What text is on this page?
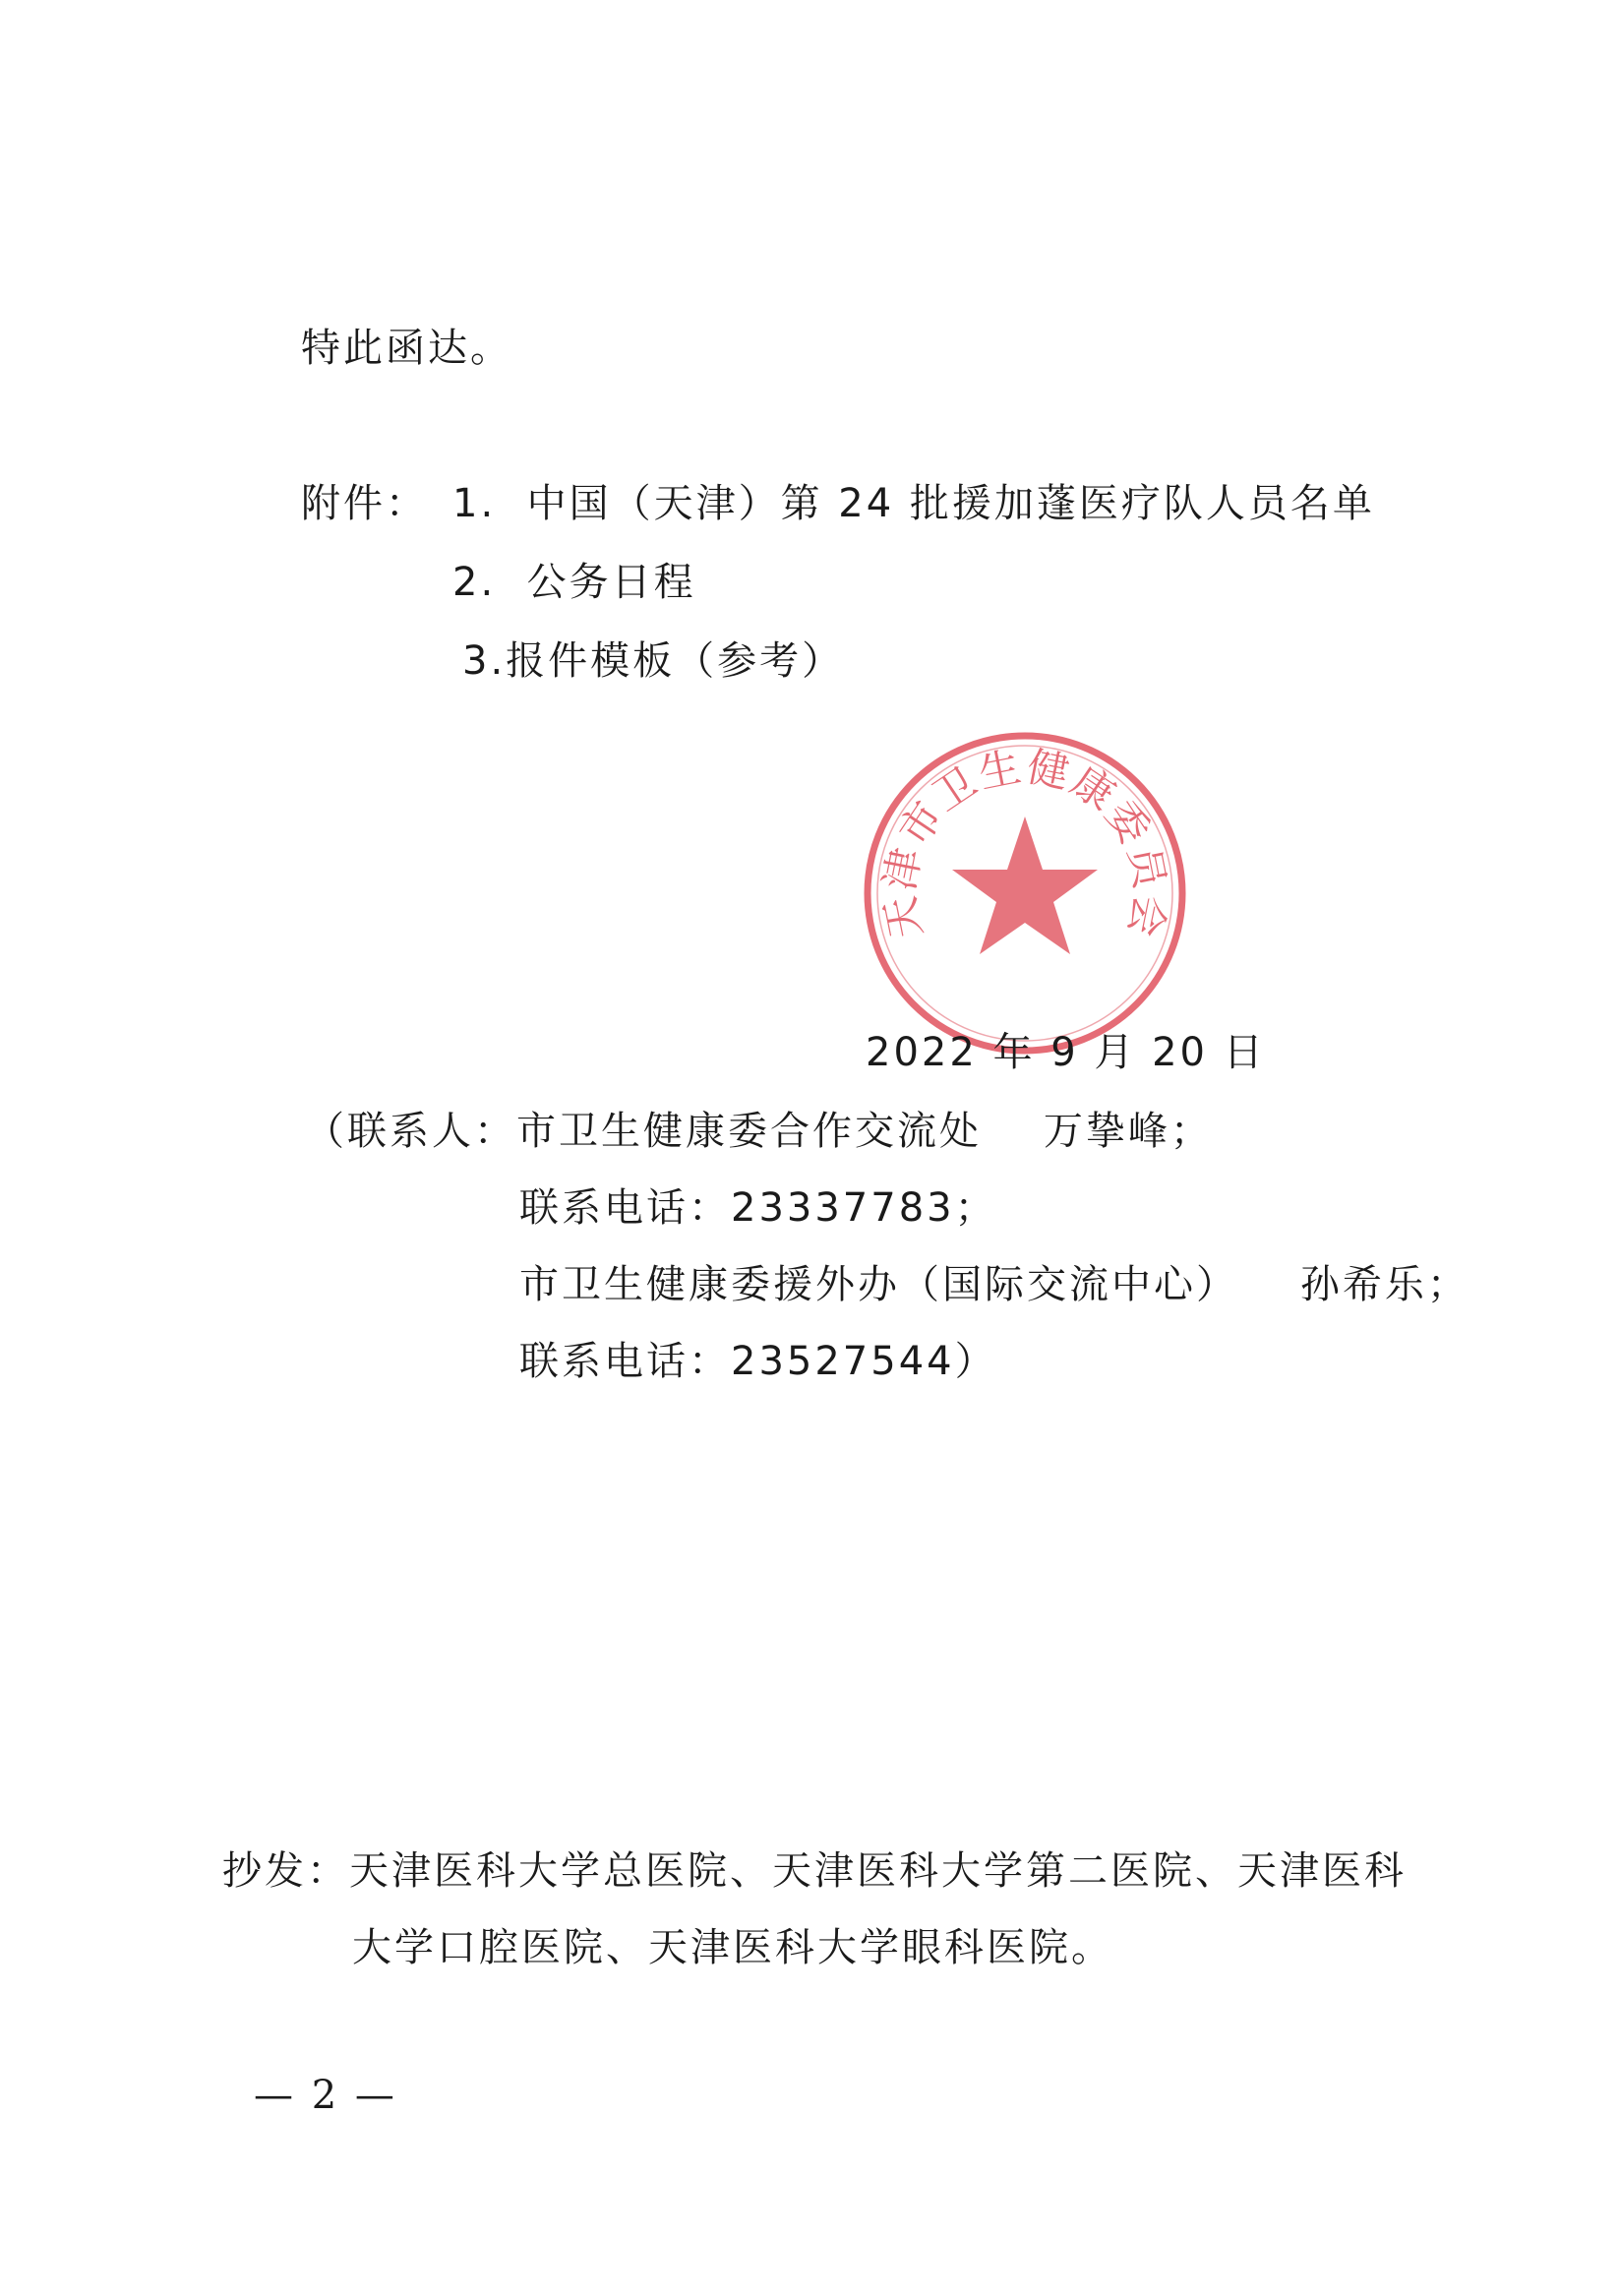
特此函达。
附件： 1.  中国（天津）第 24 批援加蓬医疗队人员名单
2.  公务日程
3.报件模板（参考）
天津市卫生健康委员会
2022 年 9 月 20 日
（联系人：市卫生健康委合作交流处    万挚峰；
联系电话：23337783；
市卫生健康委援外办（国际交流中心）    孙希乐；
联系电话：23527544）
抄发：天津医科大学总医院、天津医科大学第二医院、天津医科
大学口腔医院、天津医科大学眼科医院。
— 2 —
